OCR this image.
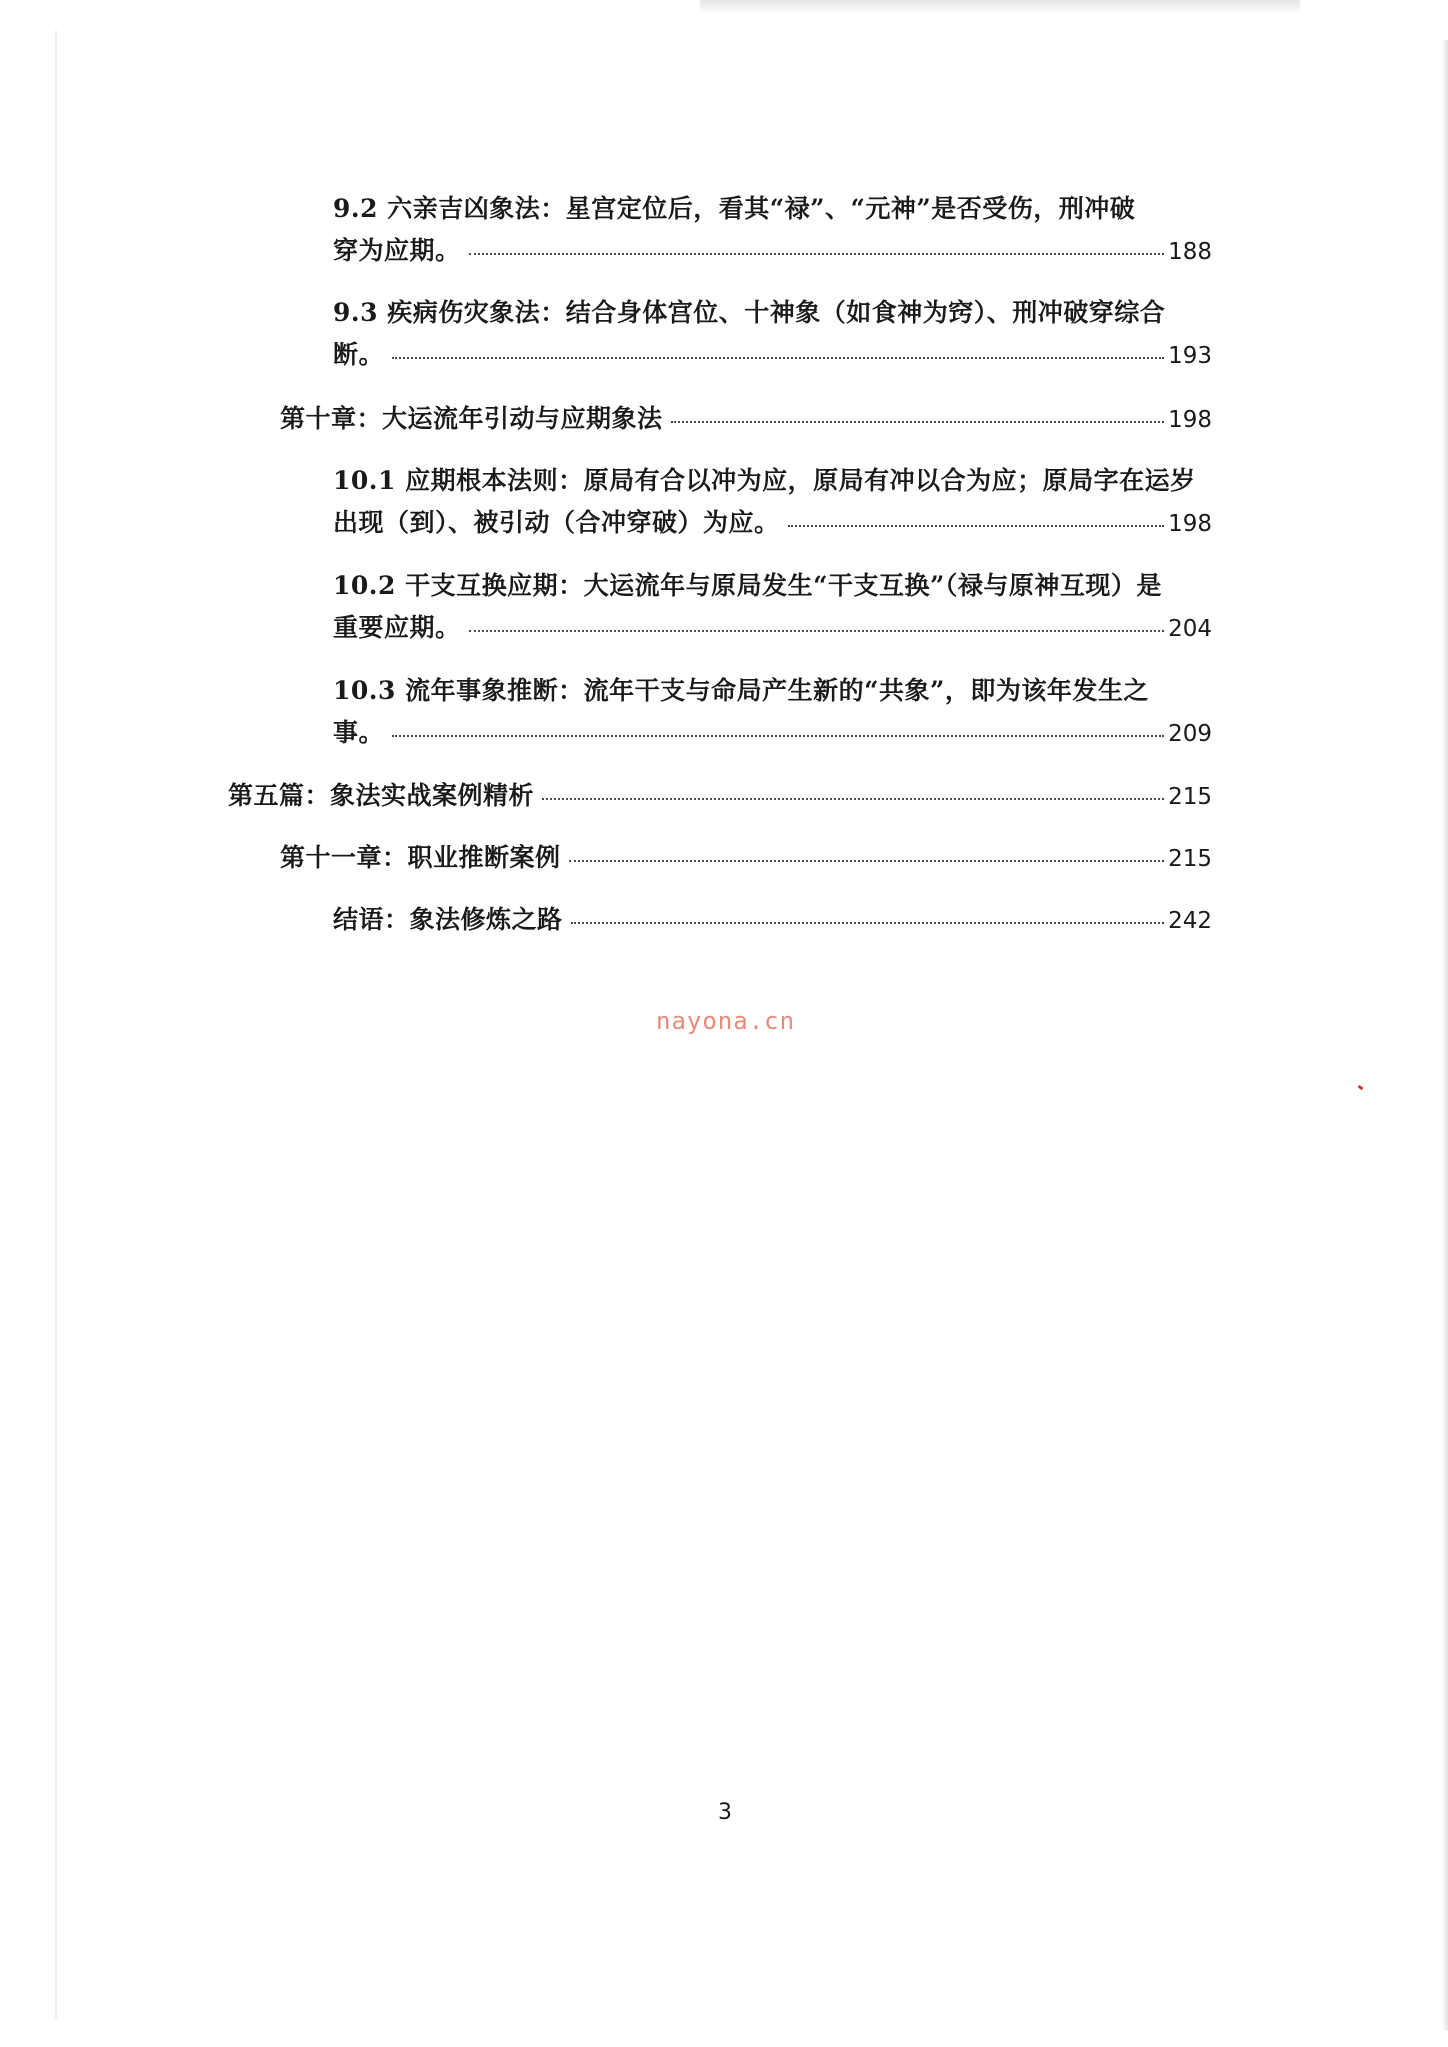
9.2 六亲吉凶象法：星宫定位后，看其“禄”、“元神”是否受伤，刑冲破
穿为应期。	188
9.3 疾病伤灾象法：结合身体宫位、十神象（如食神为窍）、刑冲破穿综合
断。	193
第十章：大运流年引动与应期象法	198
10.1 应期根本法则：原局有合以冲为应，原局有冲以合为应；原局字在运岁
出现（到）、被引动（合冲穿破）为应。	198
10.2 干支互换应期：大运流年与原局发生“干支互换”（禄与原神互现）是
重要应期。	204
10.3 流年事象推断：流年干支与命局产生新的“共象”，即为该年发生之
事。	209
第五篇：象法实战案例精析	215
第十一章：职业推断案例	215
结语：象法修炼之路	242
nayona.cn
3
